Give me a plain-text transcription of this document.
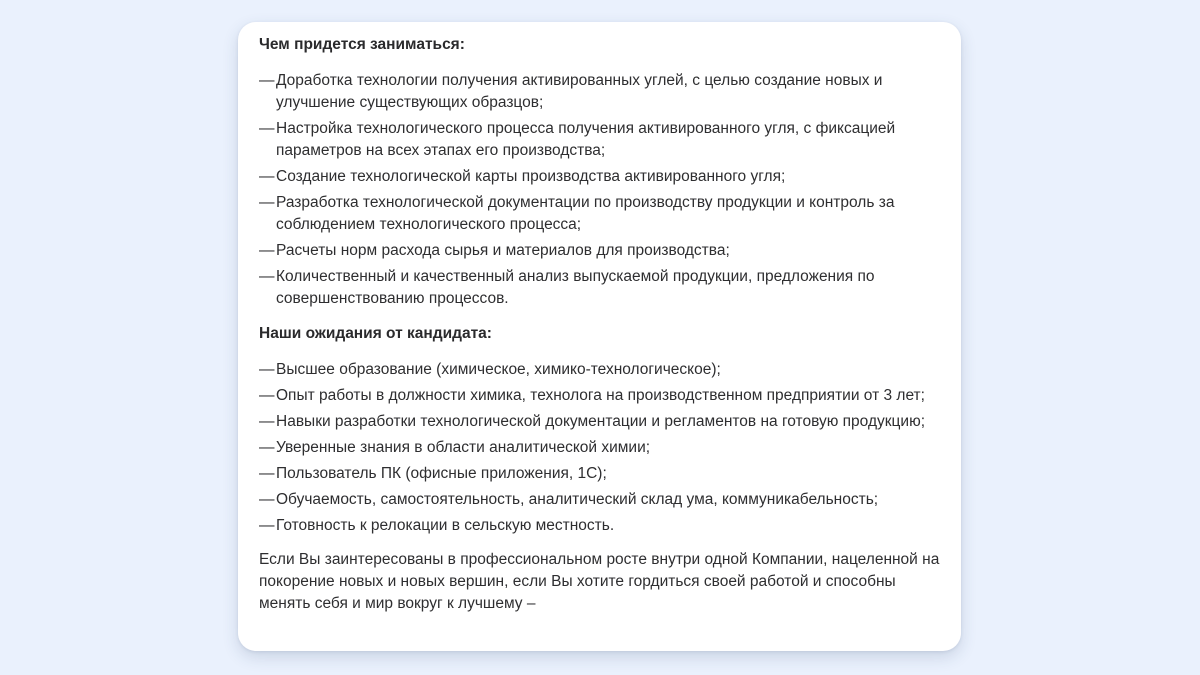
Чем придется заниматься:
— Доработка технологии получения активированных углей, с целью создание новых и улучшение существующих образцов;
— Настройка технологического процесса получения активированного угля, с фиксацией параметров на всех этапах его производства;
— Создание технологической карты производства активированного угля;
— Разработка технологической документации по производству продукции и контроль за соблюдением технологического процесса;
— Расчеты норм расхода сырья и материалов для производства;
— Количественный и качественный анализ выпускаемой продукции, предложения по совершенствованию процессов.
Наши ожидания от кандидата:
— Высшее образование (химическое, химико-технологическое);
— Опыт работы в должности химика, технолога на производственном предприятии от 3 лет;
— Навыки разработки технологической документации и регламентов на готовую продукцию;
— Уверенные знания в области аналитической химии;
— Пользователь ПК (офисные приложения, 1С);
— Обучаемость, самостоятельность, аналитический склад ума, коммуникабельность;
— Готовность к релокации в сельскую местность.

Если Вы заинтересованы в профессиональном росте внутри одной Компании, нацеленной на покорение новых и новых вершин, если Вы хотите гордиться своей работой и способны менять себя и мир вокруг к лучшему –
